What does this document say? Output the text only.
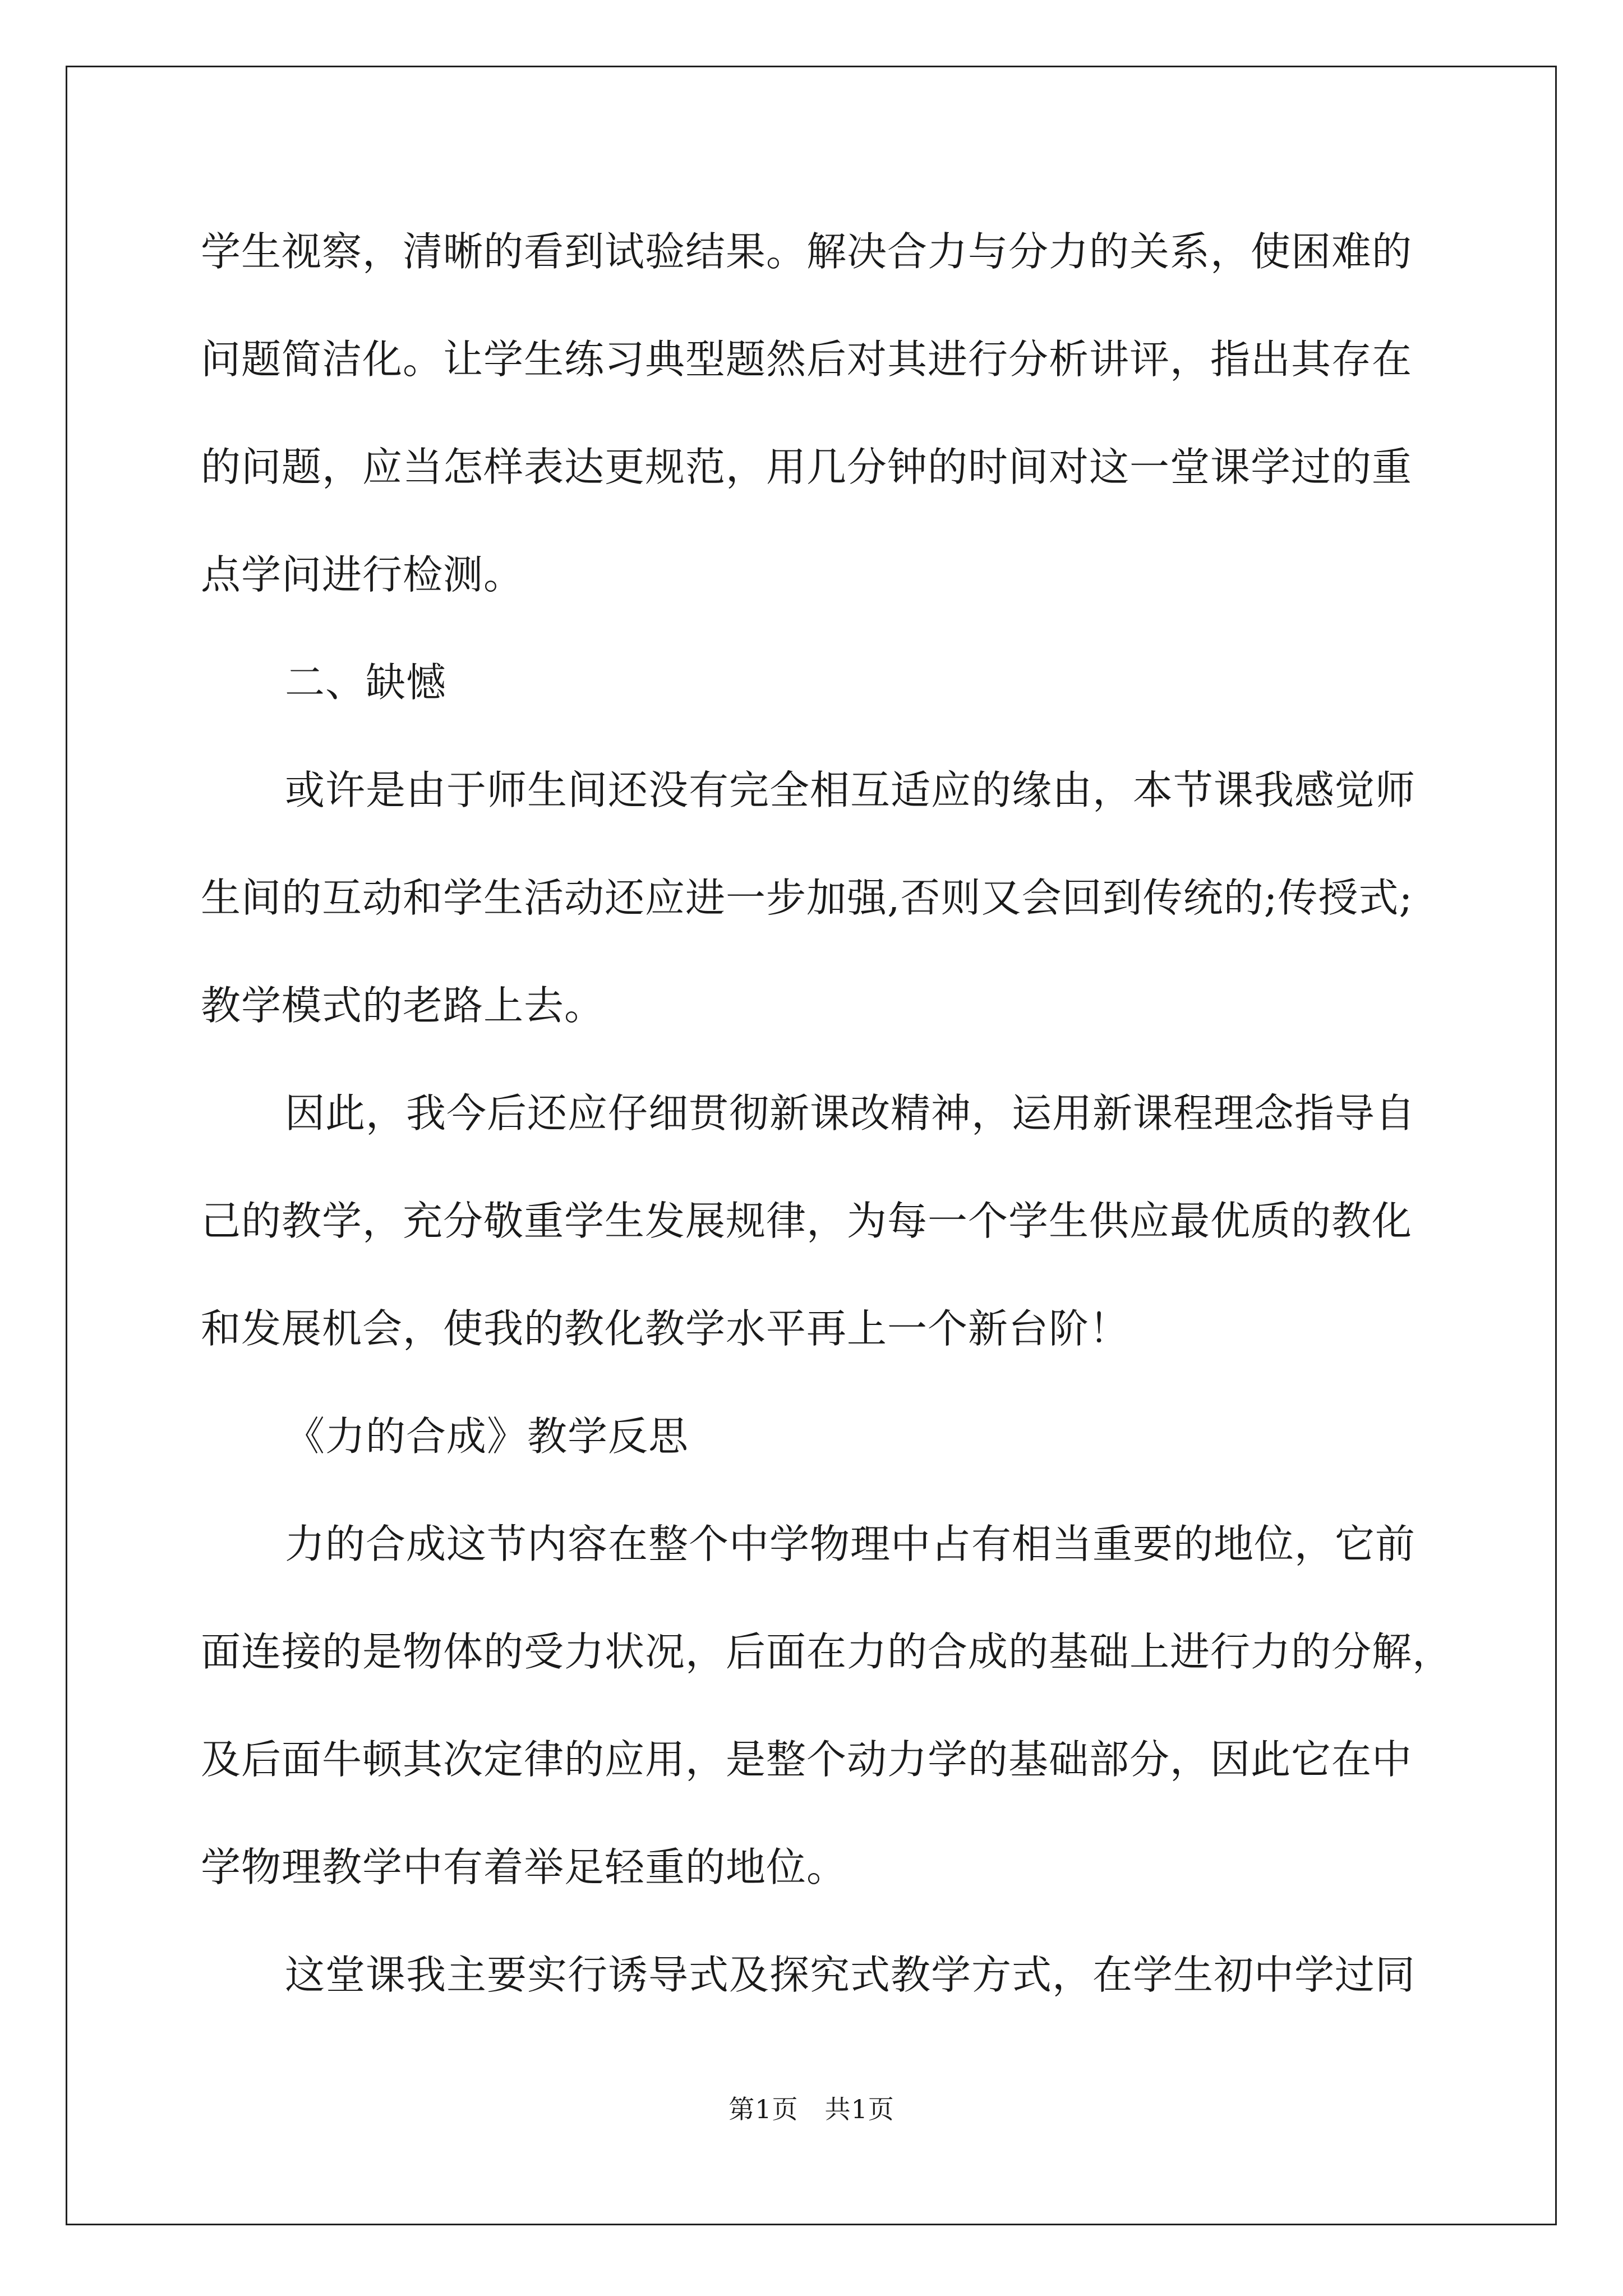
学生视察，清晰的看到试验结果。解决合力与分力的关系，使困难的
问题简洁化。让学生练习典型题然后对其进行分析讲评，指出其存在
的问题，应当怎样表达更规范，用几分钟的时间对这一堂课学过的重
点学问进行检测。
二、缺憾
或许是由于师生间还没有完全相互适应的缘由，本节课我感觉师
生间的互动和学生活动还应进一步加强,否则又会回到传统的;传授式;
教学模式的老路上去。
因此，我今后还应仔细贯彻新课改精神，运用新课程理念指导自
己的教学，充分敬重学生发展规律，为每一个学生供应最优质的教化
和发展机会，使我的教化教学水平再上一个新台阶！
《力的合成》教学反思
力的合成这节内容在整个中学物理中占有相当重要的地位，它前
面连接的是物体的受力状况，后面在力的合成的基础上进行力的分解，
及后面牛顿其次定律的应用，是整个动力学的基础部分，因此它在中
学物理教学中有着举足轻重的地位。
这堂课我主要实行诱导式及探究式教学方式，在学生初中学过同
第1页　共1页
